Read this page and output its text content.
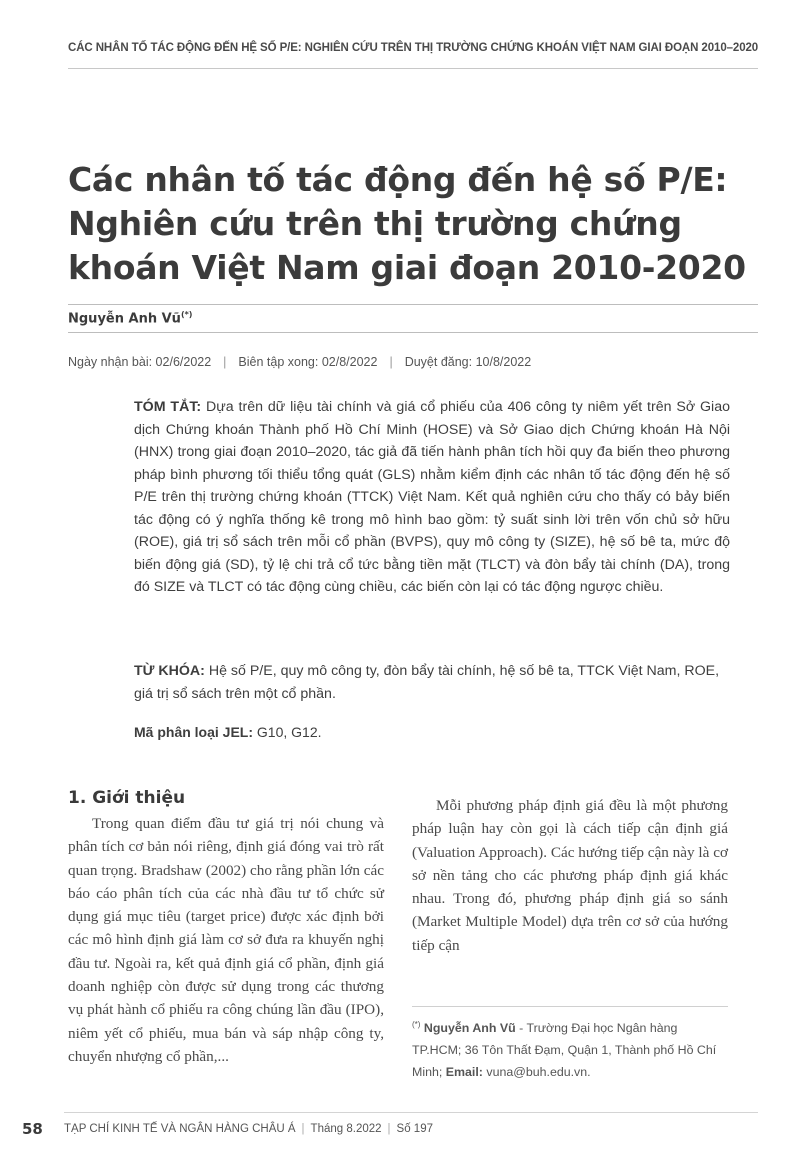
CÁC NHÂN TỐ TÁC ĐỘNG ĐẾN HỆ SỐ P/E: NGHIÊN CỨU TRÊN THỊ TRƯỜNG CHỨNG KHOÁN VIỆT NAM GIAI ĐOẠN 2010–2020
Các nhân tố tác động đến hệ số P/E:
Nghiên cứu trên thị trường chứng
khoán Việt Nam giai đoạn 2010-2020
Nguyễn Anh Vũ(*)
Ngày nhận bài: 02/6/2022 | Biên tập xong: 02/8/2022 | Duyệt đăng: 10/8/2022
TÓM TẮT: Dựa trên dữ liệu tài chính và giá cổ phiếu của 406 công ty niêm yết trên Sở Giao dịch Chứng khoán Thành phố Hồ Chí Minh (HOSE) và Sở Giao dịch Chứng khoán Hà Nội (HNX) trong giai đoạn 2010–2020, tác giả đã tiến hành phân tích hồi quy đa biến theo phương pháp bình phương tối thiểu tổng quát (GLS) nhằm kiểm định các nhân tố tác động đến hệ số P/E trên thị trường chứng khoán (TTCK) Việt Nam. Kết quả nghiên cứu cho thấy có bảy biến tác động có ý nghĩa thống kê trong mô hình bao gồm: tỷ suất sinh lời trên vốn chủ sở hữu (ROE), giá trị sổ sách trên mỗi cổ phần (BVPS), quy mô công ty (SIZE), hệ số bê ta, mức độ biến động giá (SD), tỷ lệ chi trả cổ tức bằng tiền mặt (TLCT) và đòn bẩy tài chính (DA), trong đó SIZE và TLCT có tác động cùng chiều, các biến còn lại có tác động ngược chiều.
TỪ KHÓA: Hệ số P/E, quy mô công ty, đòn bẩy tài chính, hệ số bê ta, TTCK Việt Nam, ROE, giá trị sổ sách trên một cổ phần.
Mã phân loại JEL: G10, G12.
1. Giới thiệu
Trong quan điểm đầu tư giá trị nói chung và phân tích cơ bản nói riêng, định giá đóng vai trò rất quan trọng. Bradshaw (2002) cho rằng phần lớn các báo cáo phân tích của các nhà đầu tư tổ chức sử dụng giá mục tiêu (target price) được xác định bởi các mô hình định giá làm cơ sở đưa ra khuyến nghị đầu tư. Ngoài ra, kết quả định giá cổ phần, định giá doanh nghiệp còn được sử dụng trong các thương vụ phát hành cổ phiếu ra công chúng lần đầu (IPO), niêm yết cổ phiếu, mua bán và sáp nhập công ty, chuyển nhượng cổ phần,...
Mỗi phương pháp định giá đều là một phương pháp luận hay còn gọi là cách tiếp cận định giá (Valuation Approach). Các hướng tiếp cận này là cơ sở nền tảng cho các phương pháp định giá khác nhau. Trong đó, phương pháp định giá so sánh (Market Multiple Model) dựa trên cơ sở của hướng tiếp cận
(*) Nguyễn Anh Vũ - Trường Đại học Ngân hàng TP.HCM; 36 Tôn Thất Đạm, Quận 1, Thành phố Hồ Chí Minh; Email: vuna@buh.edu.vn.
58 TẠP CHÍ KINH TẾ VÀ NGÂN HÀNG CHÂU Á | Tháng 8.2022 | Số 197
